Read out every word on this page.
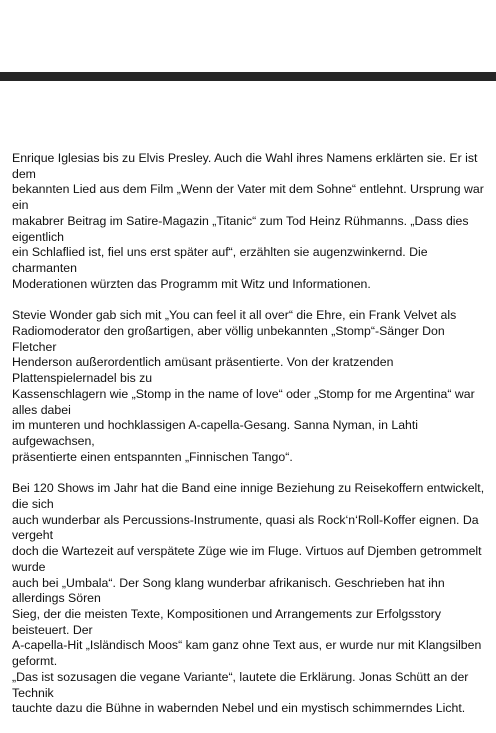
Enrique Iglesias bis zu Elvis Presley. Auch die Wahl ihres Namens erklärten sie. Er ist dem
bekannten Lied aus dem Film „Wenn der Vater mit dem Sohne“ entlehnt. Ursprung war ein
makabrer Beitrag im Satire-Magazin „Titanic“ zum Tod Heinz Rühmanns. „Dass dies eigentlich
ein Schlaflied ist, fiel uns erst später auf“, erzählten sie augenzwinkernd. Die charmanten
Moderationen würzten das Programm mit Witz und Informationen.

Stevie Wonder gab sich mit „You can feel it all over“ die Ehre, ein Frank Velvet als
Radiomoderator den großartigen, aber völlig unbekannten „Stomp“-Sänger Don Fletcher
Henderson außerordentlich amüsant präsentierte. Von der kratzenden Plattenspielernadel bis zu
Kassenschlagern wie „Stomp in the name of love“ oder „Stomp for me Argentina“ war alles dabei
im munteren und hochklassigen A-capella-Gesang. Sanna Nyman, in Lahti aufgewachsen,
präsentierte einen entspannten „Finnischen Tango“.

Bei 120 Shows im Jahr hat die Band eine innige Beziehung zu Reisekoffern entwickelt, die sich
auch wunderbar als Percussions-Instrumente, quasi als Rock‘n‘Roll-Koffer eignen. Da vergeht
doch die Wartezeit auf verspätete Züge wie im Fluge. Virtuos auf Djemben getrommelt wurde
auch bei „Umbala“. Der Song klang wunderbar afrikanisch. Geschrieben hat ihn allerdings Sören
Sieg, der die meisten Texte, Kompositionen und Arrangements zur Erfolgsstory beisteuert. Der
A-capella-Hit „Isländisch Moos“ kam ganz ohne Text aus, er wurde nur mit Klangsilben geformt.
„Das ist sozusagen die vegane Variante“, lautete die Erklärung. Jonas Schütt an der Technik
tauchte dazu die Bühne in wabernden Nebel und ein mystisch schimmerndes Licht.
